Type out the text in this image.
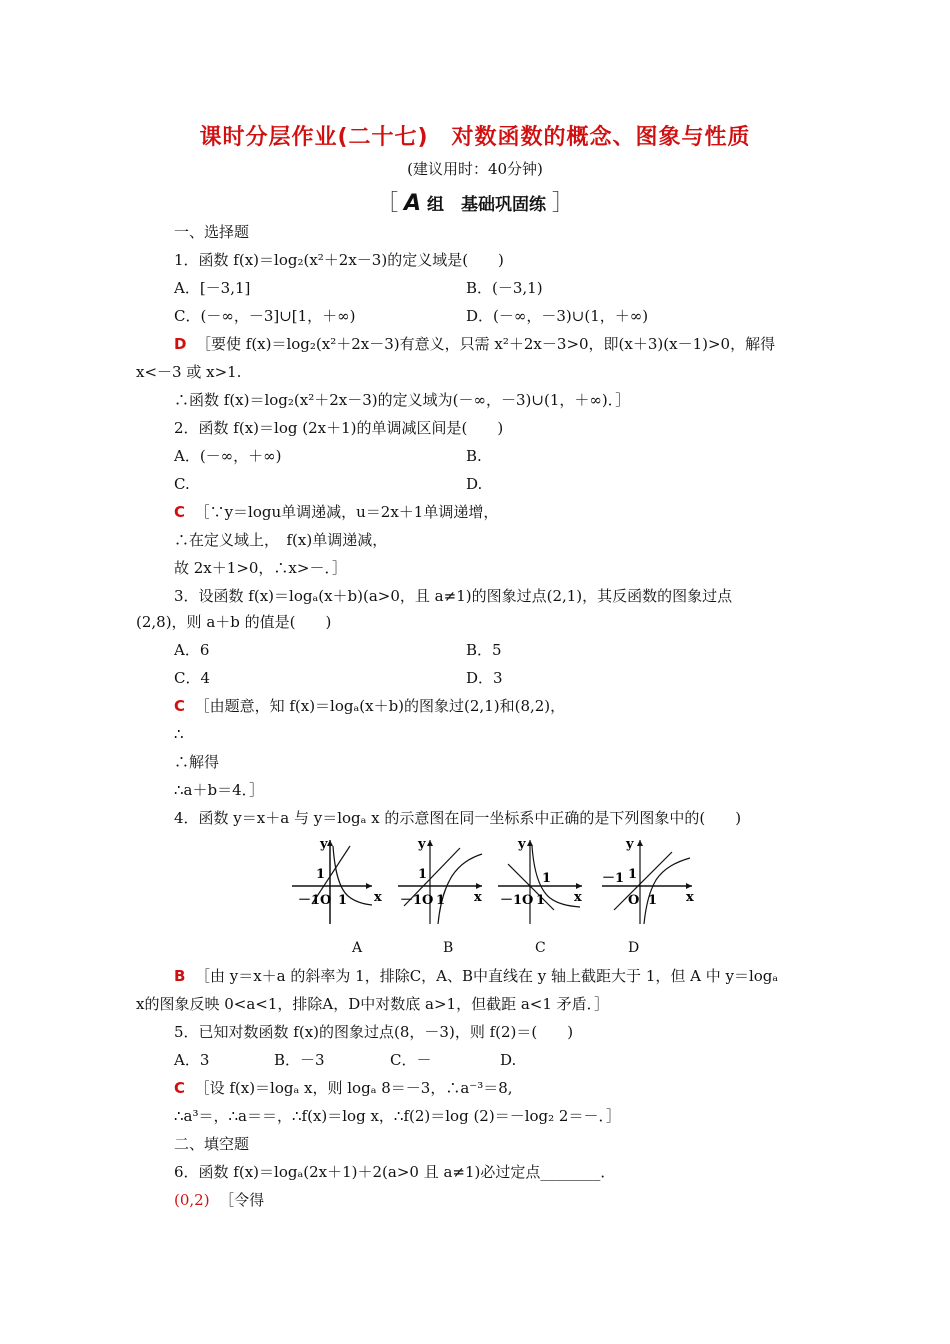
课时分层作业(二十七)　对数函数的概念、图象与性质
(建议用时：40分钟)
［ A 组　基础巩固练 ］
一、选择题
1．函数 f(x)＝log₂(x²＋2x－3)的定义域是(　　)
A．[－3,1]	B．(－3,1)
C．(－∞，－3]∪[1，＋∞)	D．(－∞，－3)∪(1，＋∞)
D ［要使 f(x)＝log₂(x²＋2x－3)有意义，只需 x²＋2x－3>0，即(x＋3)(x－1)>0，解得
x<－3 或 x>1.
∴函数 f(x)＝log₂(x²＋2x－3)的定义域为(－∞，－3)∪(1，＋∞)．］
2．函数 f(x)＝log (2x＋1)的单调减区间是(　　)
A．(－∞，＋∞)	B.
C.	D.
C ［∵y＝logu单调递减，u＝2x＋1单调递增，
∴在定义域上，　f(x)单调递减，
故 2x＋1>0，∴x>－．］
3．设函数 f(x)＝logₐ(x＋b)(a>0，且 a≠1)的图象过点(2,1)，其反函数的图象过点
(2,8)，则 a＋b 的值是(　　)
A．6	B．5
C．4	D．3
C ［由题意，知 f(x)＝logₐ(x＋b)的图象过(2,1)和(8,2)，
∴
∴解得
∴a＋b＝4．］
4．函数 y＝x＋a 与 y＝logₐ x 的示意图在同一坐标系中正确的是下列图象中的(　　)
y
x
1
－1O 1
y
x
1
－1O 1
y
x
1
－1O 1
y
x
－1 1
O 1
A	B	C	D
B ［由 y＝x＋a 的斜率为 1，排除C，A、B中直线在 y 轴上截距大于 1，但 A 中 y＝logₐ
x的图象反映 0<a<1，排除A，D中对数底 a>1，但截距 a<1 矛盾．］
5．已知对数函数 f(x)的图象过点(8，－3)，则 f(2)＝(　　)
A．3	B．－3	C．－	D.
C ［设 f(x)＝logₐ x，则 logₐ 8＝－3，∴a⁻³＝8,
∴a³＝，∴a＝＝，∴f(x)＝log x，∴f(2)＝log (2)＝－log₂ 2＝－．］
二、填空题
6．函数 f(x)＝logₐ(2x＋1)＋2(a>0 且 a≠1)必过定点________．
(0,2) ［令得
